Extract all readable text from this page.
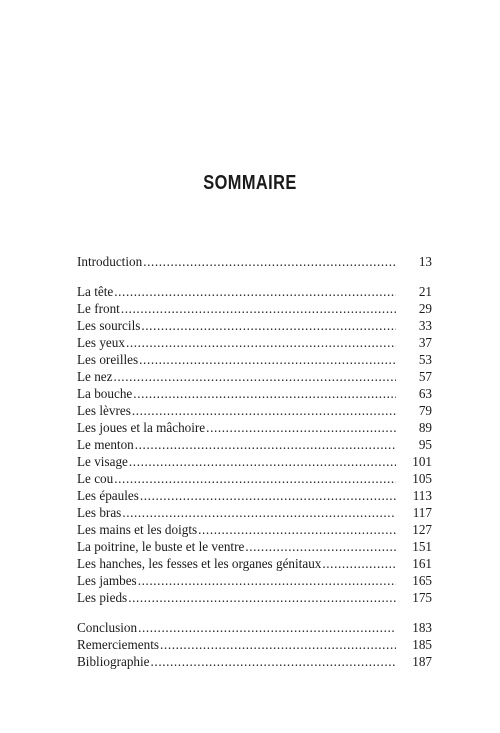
SOMMAIRE
Introduction .....	13
La tête .....	21
Le front .....	29
Les sourcils .....	33
Les yeux .....	37
Les oreilles .....	53
Le nez .....	57
La bouche .....	63
Les lèvres .....	79
Les joues et la mâchoire .....	89
Le menton .....	95
Le visage .....	101
Le cou .....	105
Les épaules .....	113
Les bras .....	117
Les mains et les doigts .....	127
La poitrine, le buste et le ventre .....	151
Les hanches, les fesses et les organes génitaux .....	161
Les jambes .....	165
Les pieds .....	175
Conclusion .....	183
Remerciements .....	185
Bibliographie .....	187
